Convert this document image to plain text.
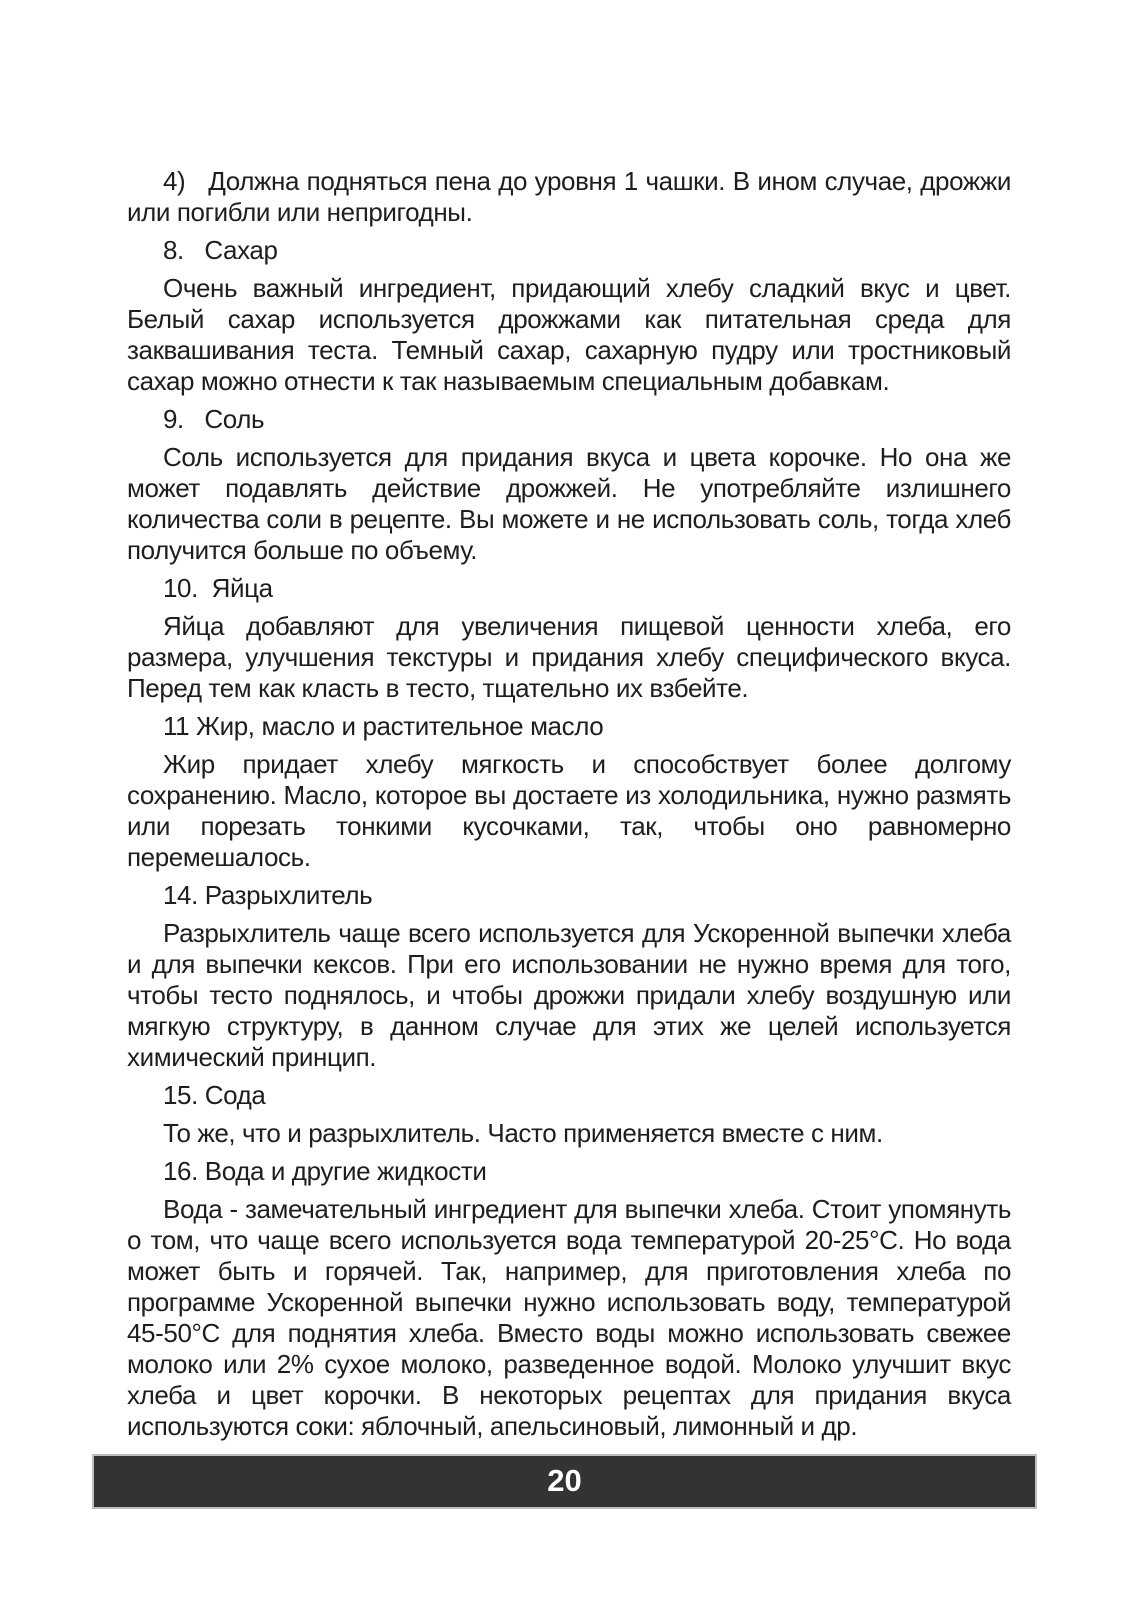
4)   Должна подняться пена до уровня 1 чашки. В ином случае, дрожжи или погибли или непригодны.

8.   Сахар

Очень важный ингредиент, придающий хлебу сладкий вкус и цвет. Белый сахар используется дрожжами как питательная среда для заквашивания теста. Темный сахар, сахарную пудру или тростниковый сахар можно отнести к так называемым специальным добавкам.

9.   Соль

Соль используется для придания вкуса и цвета корочке. Но она же может подавлять действие дрожжей. Не употребляйте излишнего количества соли в рецепте. Вы можете и не использовать соль, тогда хлеб получится больше по объему.

10.  Яйца

Яйца добавляют для увеличения пищевой ценности хлеба, его размера, улучшения текстуры и придания хлебу специфического вкуса. Перед тем как класть в тесто, тщательно их взбейте.

11 Жир, масло и растительное масло

Жир придает хлебу мягкость и способствует более долгому сохранению. Масло, которое вы достаете из холодильника, нужно размять или порезать тонкими кусочками, так, чтобы оно равномерно перемешалось.

14. Разрыхлитель

Разрыхлитель чаще всего используется для Ускоренной выпечки хлеба и для выпечки кексов. При его использовании не нужно время для того, чтобы тесто поднялось, и чтобы дрожжи придали хлебу воздушную или мягкую структуру, в данном случае для этих же целей используется химический принцип.

15. Сода

То же, что и разрыхлитель. Часто применяется вместе с ним.

16. Вода и другие жидкости

Вода - замечательный ингредиент для выпечки хлеба. Стоит упомянуть о том, что чаще всего используется вода температурой 20-25°С. Но вода может быть и горячей. Так, например, для приготовления хлеба по программе Ускоренной выпечки нужно использовать воду, температурой 45-50°С для поднятия хлеба. Вместо воды можно использовать свежее молоко или 2% сухое молоко, разведенное водой. Молоко улучшит вкус хлеба и цвет корочки. В некоторых рецептах для придания вкуса используются соки: яблочный, апельсиновый, лимонный и др.

20
